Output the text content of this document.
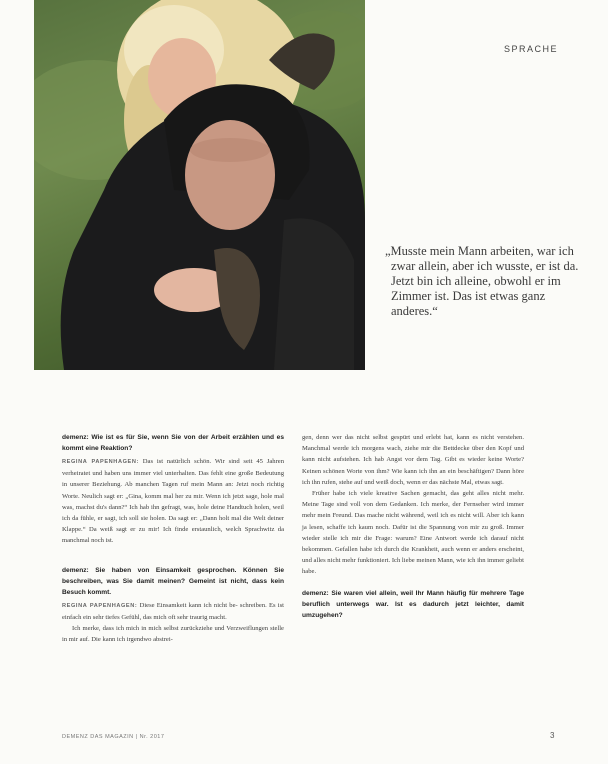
SPRACHE

„Musste mein Mann arbeiten, war ich zwar allein, aber ich wusste, er ist da. Jetzt bin ich alleine, obwohl er im Zimmer ist. Das ist etwas ganz anderes.“

demenz: Wie ist es für Sie, wenn Sie von der Arbeit erzählen und es kommt eine Reaktion?

REGINA PAPENHAGEN: Das ist natürlich schön. Wir sind seit 45 Jahren verheiratet und haben uns immer viel unterhalten. Das fehlt eine große Bedeutung in unserer Beziehung. Ab manchen Tagen ruf mein Mann an: Jetzt noch richtig Worte. Neulich sagt er: „Gina, komm mal her zu mir. Wenn ich jetzt sage, hole mal was, machst du's dann?“ Ich hab ihn gefragt, was, hole deine Handtuch holen, weil ich da fühle, er sagt, ich soll sie holen. Da sagt er: „Dann holt mal die Welt deiner Klappe.“ Da weiß sagt er zu mir! Ich finde erstaunlich, welch Sprachwitz da manchmal noch ist.

demenz: Sie haben von Einsamkeit gesprochen. Können Sie beschreiben, was Sie damit meinen? Gemeint ist nicht, dass kein Besuch kommt.

REGINA PAPENHAGEN: Diese Einsamkeit kann ich nicht be- schreiben. Es ist einfach ein sehr tiefes Gefühl, das mich oft sehr traurig macht.

Ich merke, dass ich mich in mich selbst zurückziehe und Verzweiflungen stelle in mir auf. Die kann ich irgendwo abstrei-

gen, denn wer das nicht selbst gespürt und erlebt hat, kann es nicht verstehen. Manchmal werde ich morgens wach, ziehe mir die Bettdecke über den Kopf und kann nicht aufstehen. Ich hab Angst vor dem Tag. Gibt es wieder keine Worte? Keinen schönen Worte von ihm? Wie kann ich ihn an ein beschäftigen? Dann höre ich ihn rufen, stehe auf und weiß doch, wenn er das nächste Mal, etwas sagt.

Früher habe ich viele kreative Sachen gemacht, das geht alles nicht mehr. Meine Tage sind voll von dem Gedanken. Ich merke, der Fernseher wird immer mehr mein Freund. Das mache nicht während, weil ich es nicht will. Aber ich kann ja lesen, schaffe ich kaum noch. Dafür ist die Spannung von mir zu groß. Immer wieder stelle ich mir die Frage: warum? Eine Antwort werde ich darauf nicht bekommen. Gefallen habe ich durch die Krankheit, auch wenn er anders erscheint, und alles nicht mehr funktioniert. Ich liebe meinen Mann, wie ich ihn immer geliebt habe.

demenz: Sie waren viel allein, weil Ihr Mann häufig für mehrere Tage beruflich unterwegs war. Ist es dadurch jetzt leichter, damit umzugehen?

DEMENZ DAS MAGAZIN | Nr. 2017	3
